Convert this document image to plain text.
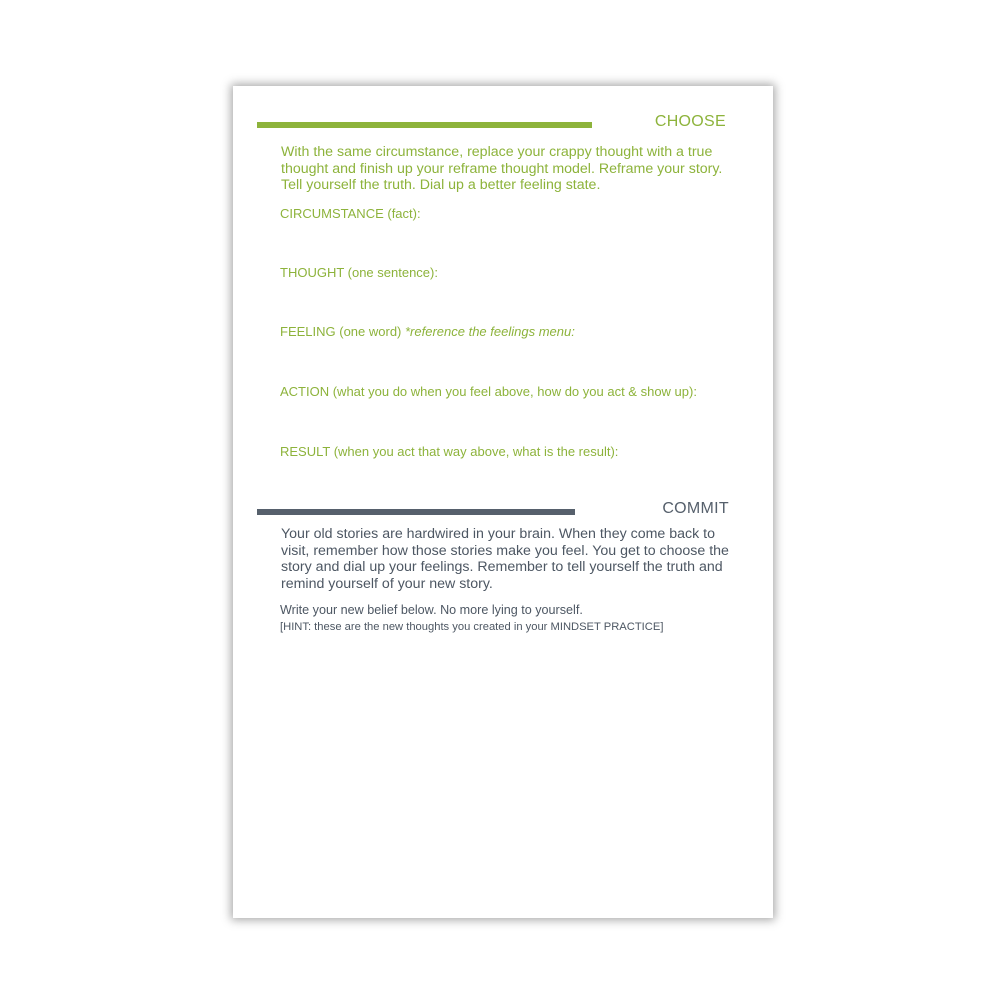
CHOOSE
With the same circumstance, replace your crappy thought with a true thought and finish up your reframe thought model. Reframe your story. Tell yourself the truth. Dial up a better feeling state.
CIRCUMSTANCE (fact):
THOUGHT (one sentence):
FEELING (one word) *reference the feelings menu:
ACTION (what you do when you feel above, how do you act & show up):
RESULT (when you act that way above, what is the result):
COMMIT
Your old stories are hardwired in your brain. When they come back to visit, remember how those stories make you feel. You get to choose the story and dial up your feelings. Remember to tell yourself the truth and remind yourself of your new story.
Write your new belief below. No more lying to yourself.
[HINT: these are the new thoughts you created in your MINDSET PRACTICE]
